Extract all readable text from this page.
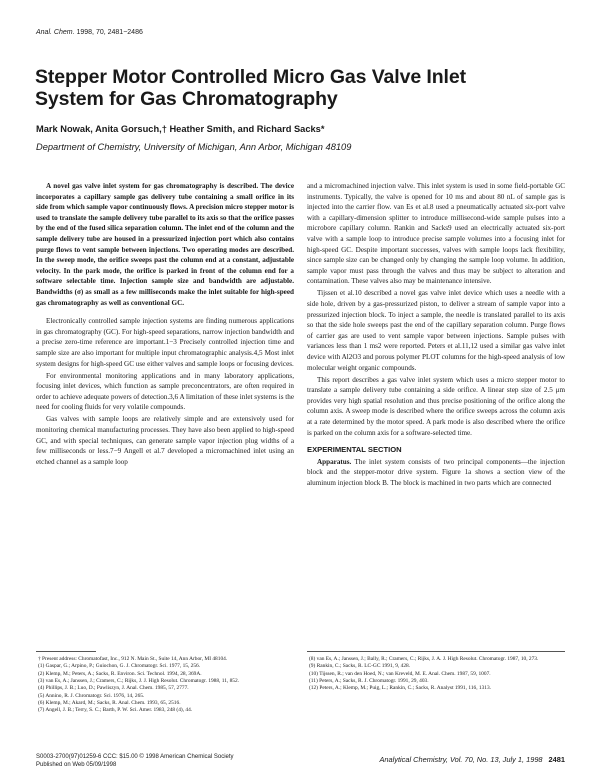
Anal. Chem. 1998, 70, 2481−2486
Stepper Motor Controlled Micro Gas Valve Inlet
System for Gas Chromatography
Mark Nowak, Anita Gorsuch,† Heather Smith, and Richard Sacks*
Department of Chemistry, University of Michigan, Ann Arbor, Michigan 48109

A novel gas valve inlet system for gas chromatography is described. The device incorporates a capillary sample gas delivery tube containing a small orifice in its side from which sample vapor continuously flows. A precision micro stepper motor is used to translate the sample delivery tube parallel to its axis so that the orifice passes by the end of the fused silica separation column. The inlet end of the column and the sample delivery tube are housed in a pressurized injection port which also contains purge flows to vent sample between injections. Two operating modes are described. In the sweep mode, the orifice sweeps past the column end at a constant, adjustable velocity. In the park mode, the orifice is parked in front of the column end for a software selectable time. Injection sample size and bandwidth are adjustable. Bandwidths (σ) as small as a few milliseconds make the inlet suitable for high-speed gas chromatography as well as conventional GC.

Electronically controlled sample injection systems are finding numerous applications in gas chromatography (GC). For high-speed separations, narrow injection bandwidth and a precise zero-time reference are important.1−3 Precisely controlled injection time and sample size are also important for multiple input chromatographic analysis.4,5 Most inlet system designs for high-speed GC use either valves and sample loops or focusing devices.

For environmental monitoring applications and in many laboratory applications, focusing inlet devices, which function as sample preconcentrators, are often required in order to achieve adequate powers of detection.3,6 A limitation of these inlet systems is the need for cooling fluids for very volatile compounds.

Gas valves with sample loops are relatively simple and are extensively used for monitoring chemical manufacturing processes. They have also been applied to high-speed GC, and with special techniques, can generate sample vapor injection plug widths of a few milliseconds or less.7−9 Angell et al.7 developed a micromachined inlet using an etched channel as a sample loop

and a micromachined injection valve. This inlet system is used in some field-portable GC instruments. Typically, the valve is opened for 10 ms and about 80 nL of sample gas is injected into the carrier flow. van Es et al.8 used a pneumatically actuated six-port valve with a capillary-dimension splitter to introduce millisecond-wide sample pulses into a microbore capillary column. Rankin and Sacks9 used an electrically actuated six-port valve with a sample loop to introduce precise sample volumes into a focusing inlet for high-speed GC. Despite important successes, valves with sample loops lack flexibility, since sample size can be changed only by changing the sample loop volume. In addition, sample vapor must pass through the valves and thus may be subject to alteration and contamination. These valves also may be maintenance intensive.

Tijssen et al.10 described a novel gas valve inlet device which uses a needle with a side hole, driven by a gas-pressurized piston, to deliver a stream of sample vapor into a pressurized injection block. To inject a sample, the needle is translated parallel to its axis so that the side hole sweeps past the end of the capillary separation column. Purge flows of carrier gas are used to vent sample vapor between injections. Sample pulses with variances less than 1 ms2 were reported. Peters et al.11,12 used a similar gas valve inlet device with Al2O3 and porous polymer PLOT columns for the high-speed analysis of low molecular weight organic compounds.

This report describes a gas valve inlet system which uses a micro stepper motor to translate a sample delivery tube containing a side orifice. A linear step size of 2.5 μm provides very high spatial resolution and thus precise positioning of the orifice along the column axis. A sweep mode is described where the orifice sweeps across the column axis at a rate determined by the motor speed. A park mode is also described where the orifice is parked on the column axis for a software-selected time.

EXPERIMENTAL SECTION

Apparatus. The inlet system consists of two principal components—the injection block and the stepper-motor drive system. Figure 1a shows a section view of the aluminum injection block B. The block is machined in two parts which are connected

† Present address: Chromatofast, Inc., 912 N. Main St., Suite 14, Ann Arbor, MI 48104.
(1) Gaspar, G.; Arpino, P.; Guiochon, G. J. Chromatogr. Sci. 1977, 15, 256.
(2) Klemp, M.; Peters, A.; Sacks, R. Environ. Sci. Technol. 1994, 28, 369A.
(3) van Es, A.; Janssen, J.; Cramers, C.; Rijks, J. J. High Resolut. Chromatogr. 1988, 11, 852.
(4) Phillips, J. B.; Luo, D.; Pawliszyn, J. Anal. Chem. 1985, 57, 2777.
(5) Annino, R. J. Chromatogr. Sci. 1976, 14, 265.
(6) Klemp, M.; Akard, M.; Sacks, R. Anal. Chem. 1993, 65, 2516.
(7) Angell, J. B.; Terry, S. C.; Barth, P. W. Sci. Amer. 1983, 248 (4), 44.
(8) van Es, A.; Janssen, J.; Bally, R.; Cramers, C.; Rijks, J. A. J. High Resolut. Chromatogr. 1987, 10, 273.
(9) Rankin, C.; Sacks, R. LC-GC 1991, 9, 428.
(10) Tijssen, R.; van den Hoed, N.; van Kreveld, M. E. Anal. Chem. 1987, 59, 1007.
(11) Peters, A.; Sacks, R. J. Chromatogr. 1991, 29, 403.
(12) Peters, A.; Klemp, M.; Puig, L.; Rankin, C.; Sacks, R. Analyst 1991, 116, 1313.
S0003-2700(97)01259-6 CCC: $15.00 © 1998 American Chemical Society
Published on Web 05/09/1998
Analytical Chemistry, Vol. 70, No. 13, July 1, 1998 2481
